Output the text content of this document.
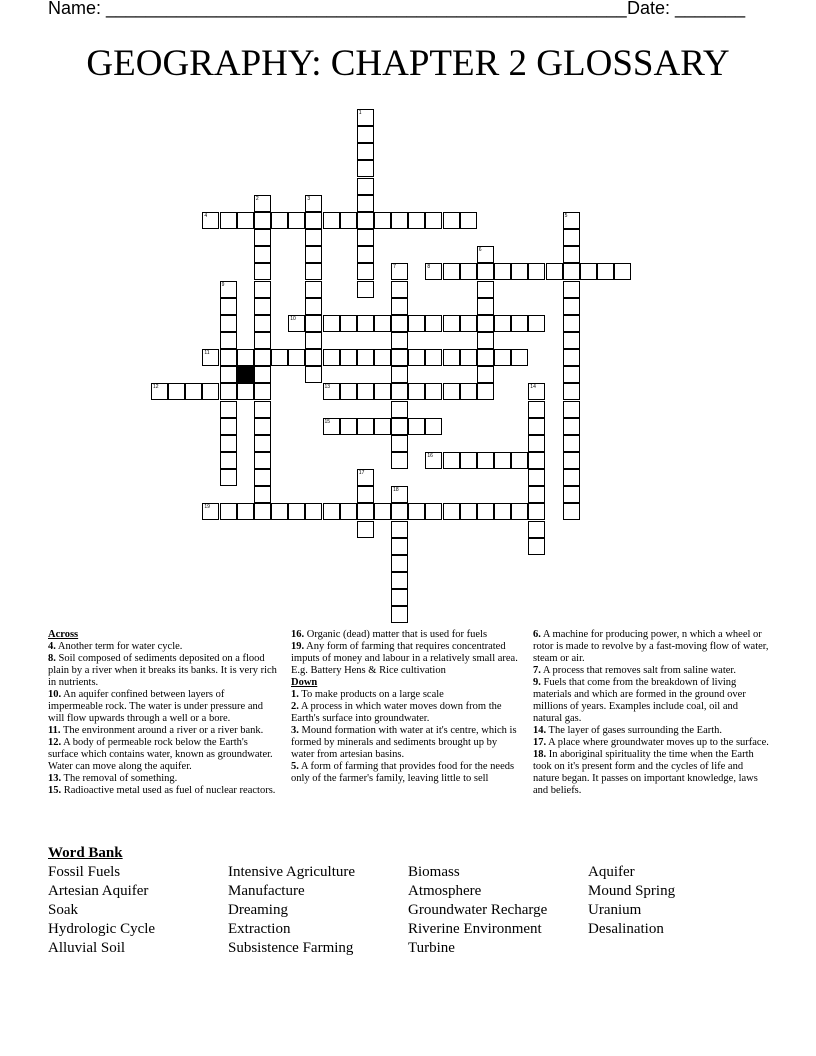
Name: ____________________________________________________ Date: _______
GEOGRAPHY: CHAPTER 2 GLOSSARY
1
2	3
4	5
6
7	8
9
10
11
12	13	14
15
16
17
18
19
Across
4. Another term for water cycle.
8. Soil composed of sediments deposited on a flood plain by a river when it breaks its banks. It is very rich in nutrients.
10. An aquifer confined between layers of impermeable rock. The water is under pressure and will flow upwards through a well or a bore.
11. The environment around a river or a river bank.
12. A body of permeable rock below the Earth's surface which contains water, known as groundwater. Water can move along the aquifer.
13. The removal of something.
15. Radioactive metal used as fuel of nuclear reactors.
16. Organic (dead) matter that is used for fuels
19. Any form of farming that requires concentrated imputs of money and labour in a relatively small area. E.g. Battery Hens & Rice cultivation
Down
1. To make products on a large scale
2. A process in which water moves down from the Earth's surface into groundwater.
3. Mound formation with water at it's centre, which is formed by minerals and sediments brought up by water from artesian basins.
5. A form of farming that provides food for the needs only of the farmer's family, leaving little to sell
6. A machine for producing power, n which a wheel or rotor is made to revolve by a fast-moving flow of water, steam or air.
7. A process that removes salt from saline water.
9. Fuels that come from the breakdown of living materials and which are formed in the ground over millions of years. Examples include coal, oil and natural gas.
14. The layer of gases surrounding the Earth.
17. A place where groundwater moves up to the surface.
18. In aboriginal spirituality the time when the Earth took on it's present form and the cycles of life and nature began. It passes on important knowledge, laws and beliefs.
Word Bank
Fossil Fuels
Artesian Aquifer
Soak
Hydrologic Cycle
Alluvial Soil
Intensive Agriculture
Manufacture
Dreaming
Extraction
Subsistence Farming
Biomass
Atmosphere
Groundwater Recharge
Riverine Environment
Turbine
Aquifer
Mound Spring
Uranium
Desalination
